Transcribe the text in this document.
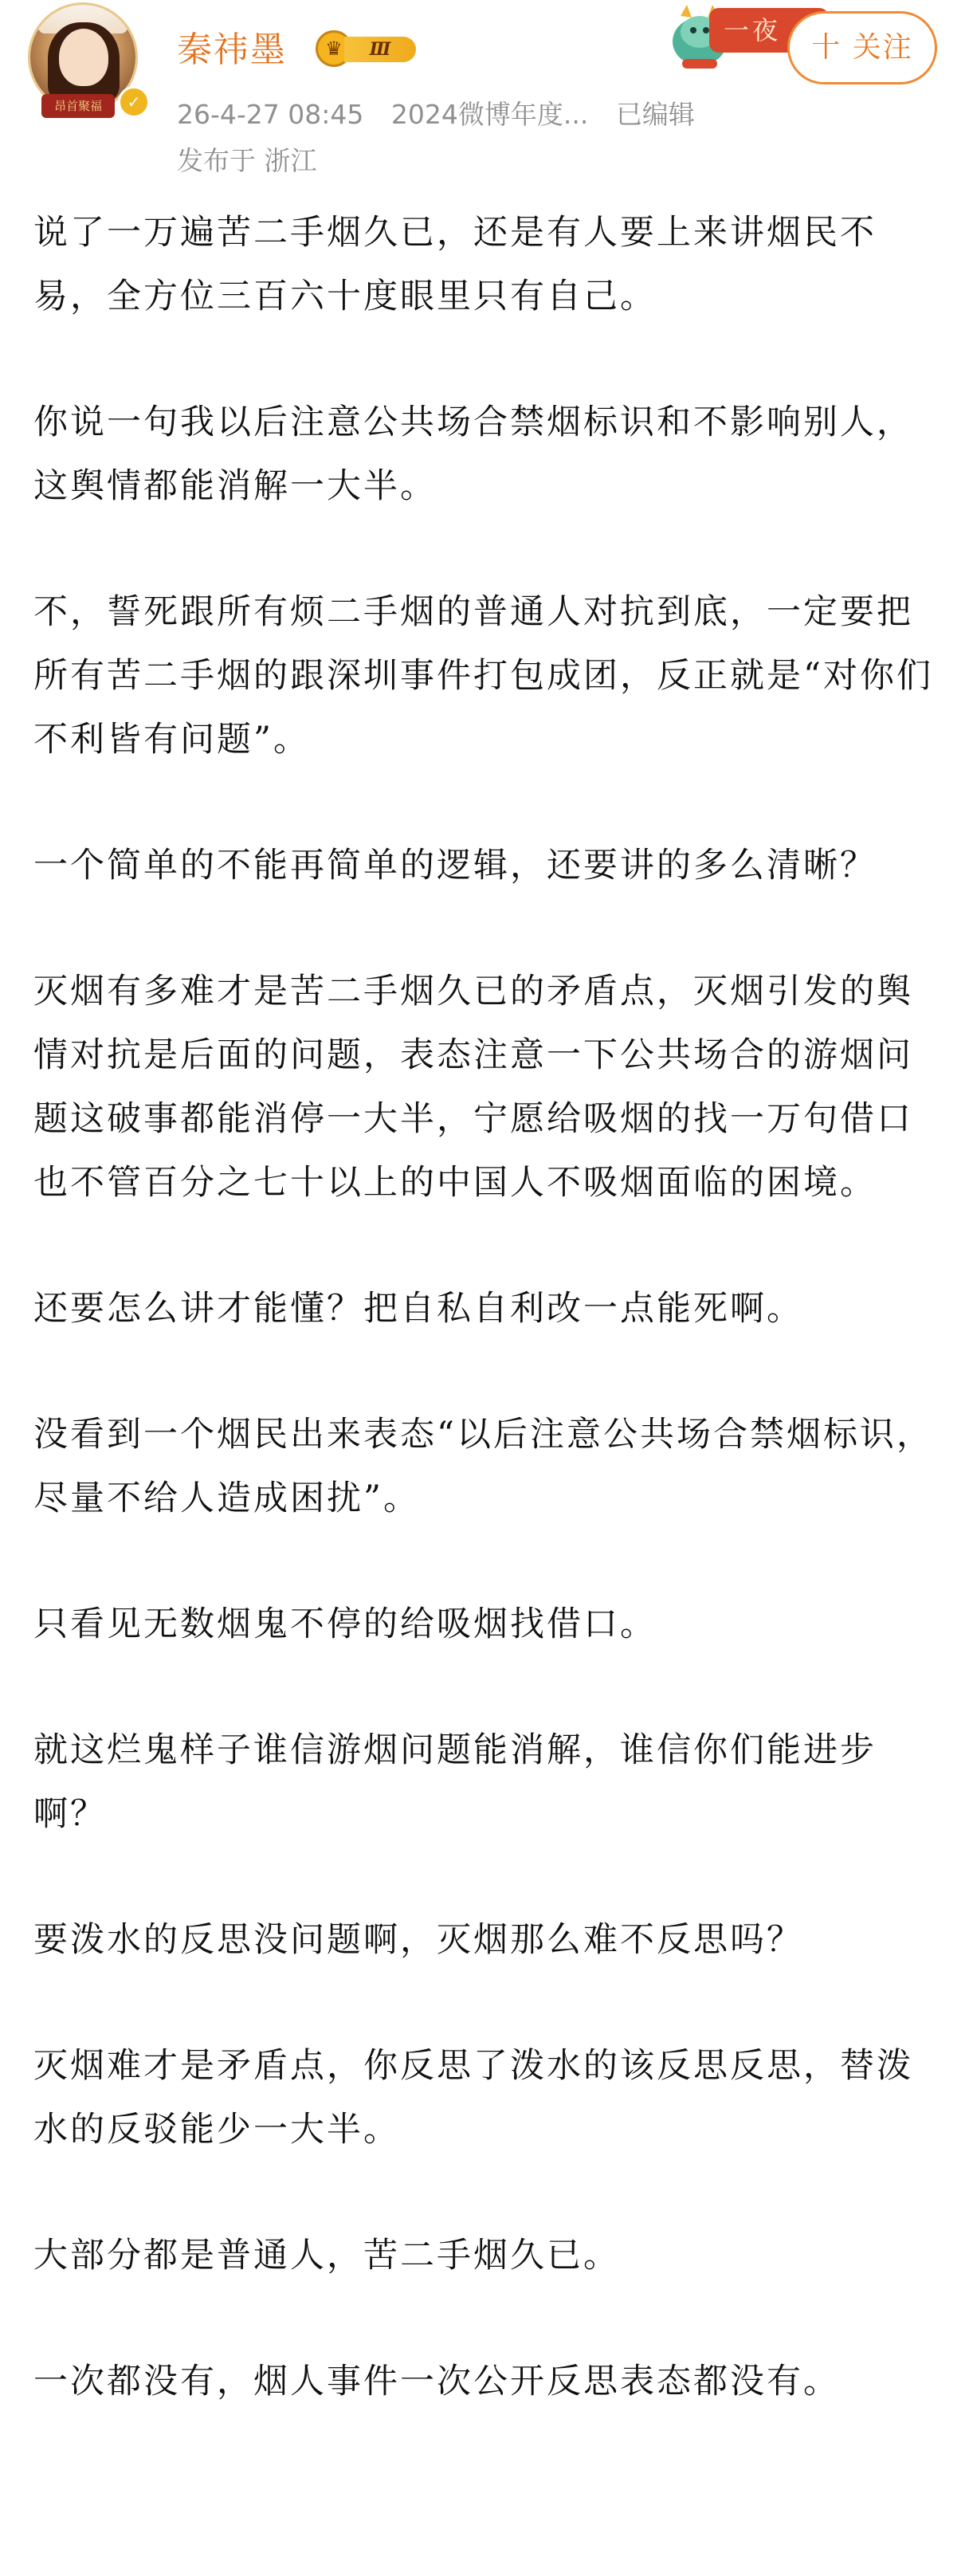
昂首聚福	✓
秦祎墨	♛	Ⅲ
26-4-27 08:45 2024微博年度... 已编辑
发布于 浙江
一夜
十 关注

说了一万遍苦二手烟久已，还是有人要上来讲烟民不易，全方位三百六十度眼里只有自己。

你说一句我以后注意公共场合禁烟标识和不影响别人，这舆情都能消解一大半。

不，誓死跟所有烦二手烟的普通人对抗到底，一定要把所有苦二手烟的跟深圳事件打包成团，反正就是“对你们不利皆有问题”。

一个简单的不能再简单的逻辑，还要讲的多么清晰？

灭烟有多难才是苦二手烟久已的矛盾点，灭烟引发的舆情对抗是后面的问题，表态注意一下公共场合的游烟问题这破事都能消停一大半，宁愿给吸烟的找一万句借口也不管百分之七十以上的中国人不吸烟面临的困境。

还要怎么讲才能懂？把自私自利改一点能死啊。

没看到一个烟民出来表态“以后注意公共场合禁烟标识，尽量不给人造成困扰”。

只看见无数烟鬼不停的给吸烟找借口。

就这烂鬼样子谁信游烟问题能消解，谁信你们能进步啊？

要泼水的反思没问题啊，灭烟那么难不反思吗？

灭烟难才是矛盾点，你反思了泼水的该反思反思，替泼水的反驳能少一大半。

大部分都是普通人，苦二手烟久已。

一次都没有，烟人事件一次公开反思表态都没有。
